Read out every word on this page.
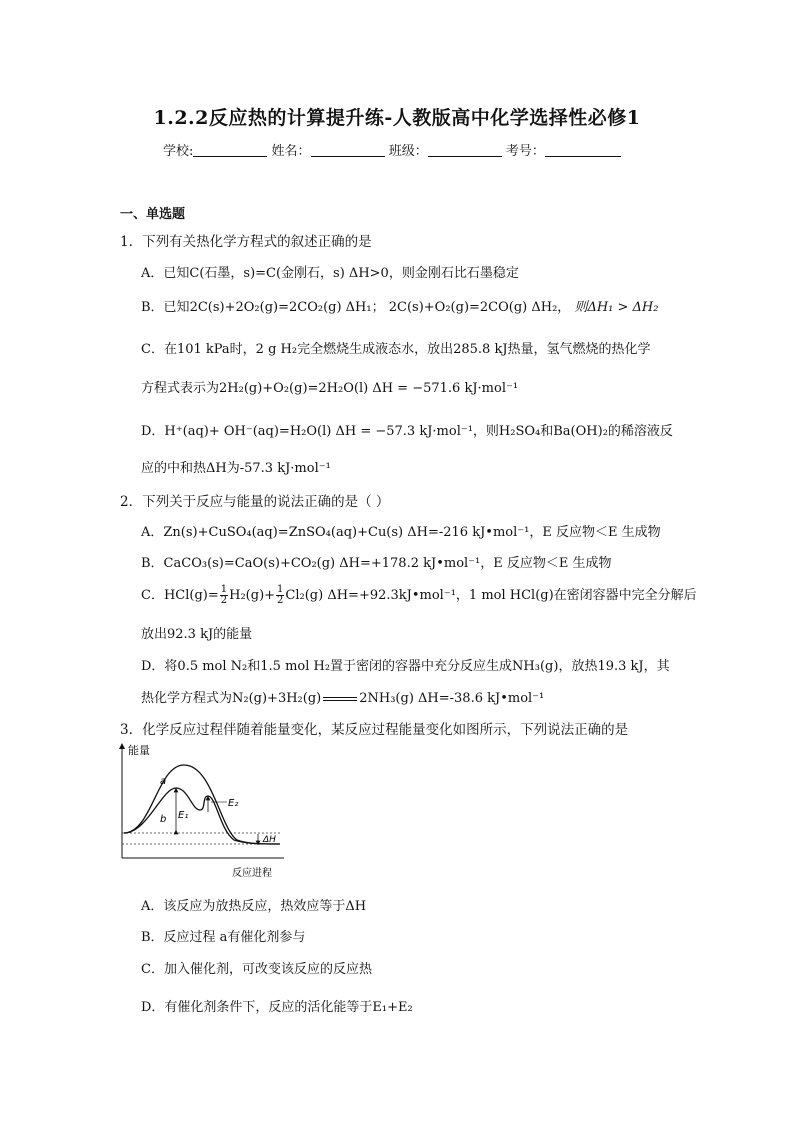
1.2.2反应热的计算提升练-人教版高中化学选择性必修1
学校:	姓名：	班级：	考号：
一、单选题
1．下列有关热化学方程式的叙述正确的是
A．已知C(石墨，s)=C(金刚石，s) ΔH>0，则金刚石比石墨稳定
B．已知2C(s)+2O₂(g)=2CO₂(g) ΔH₁； 2C(s)+O₂(g)=2CO(g) ΔH₂， 则ΔH₁ > ΔH₂
C．在101 kPa时，2 g H₂完全燃烧生成液态水，放出285.8 kJ热量，氢气燃烧的热化学
方程式表示为2H₂(g)+O₂(g)=2H₂O(l) ΔH = −571.6 kJ·mol⁻¹
D．H⁺(aq)+ OH⁻(aq)=H₂O(l) ΔH = −57.3 kJ·mol⁻¹，则H₂SO₄和Ba(OH)₂的稀溶液反
应的中和热ΔH为-57.3 kJ·mol⁻¹
2．下列关于反应与能量的说法正确的是（ ）
A．Zn(s)+CuSO₄(aq)=ZnSO₄(aq)+Cu(s) ΔH=-216 kJ•mol⁻¹，E 反应物＜E 生成物
B．CaCO₃(s)=CaO(s)+CO₂(g) ΔH=+178.2 kJ•mol⁻¹，E 反应物＜E 生成物
C．$HCl(g)= \frac{1}{2} H_2(g)+ \frac{1}{2} Cl_2(g)$ ΔH=+92.3kJ•mol⁻¹，1 mol HCl(g)在密闭容器中完全分解后
放出92.3 kJ的能量
D．将0.5 mol N₂和1.5 mol H₂置于密闭的容器中充分反应生成NH₃(g)，放热19.3 kJ，其
热化学方程式为N₂(g)+3H₂(g)	2NH₃(g) ΔH=-38.6 kJ•mol⁻¹
3．化学反应过程伴随着能量变化，某反应过程能量变化如图所示，下列说法正确的是
能量
反应进程
a
b E₁
E₂
ΔH
A．该反应为放热反应，热效应等于ΔH
B．反应过程 a有催化剂参与
C．加入催化剂，可改变该反应的反应热
D．有催化剂条件下，反应的活化能等于E₁+E₂
